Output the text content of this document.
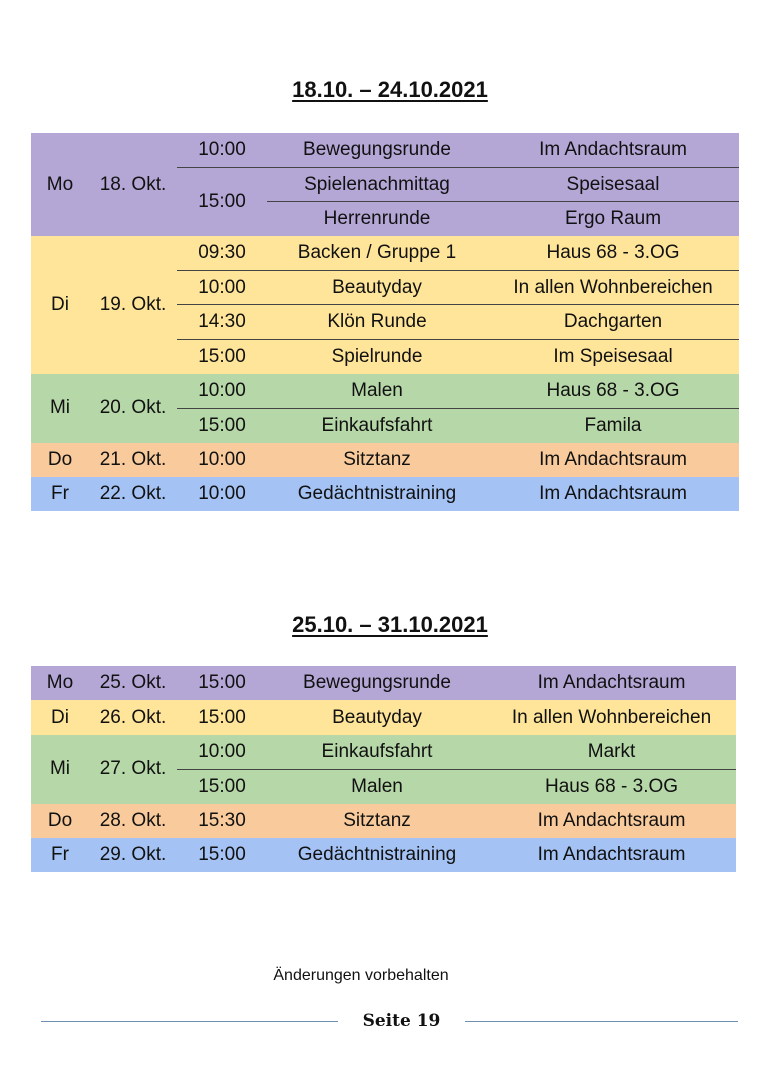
18.10. – 24.10.2021
Mo	18. Okt.	10:00	Bewegungsrunde	Im Andachtsraum
		15:00	Spielenachmittag	Speisesaal
			Herrenrunde	Ergo Raum
Di	19. Okt.	09:30	Backen / Gruppe 1	Haus 68 - 3.OG
		10:00	Beautyday	In allen Wohnbereichen
		14:30	Klön Runde	Dachgarten
		15:00	Spielrunde	Im Speisesaal
Mi	20. Okt.	10:00	Malen	Haus 68 - 3.OG
		15:00	Einkaufsfahrt	Famila
Do	21. Okt.	10:00	Sitztanz	Im Andachtsraum
Fr	22. Okt.	10:00	Gedächtnistraining	Im Andachtsraum
25.10. – 31.10.2021
Mo	25. Okt.	15:00	Bewegungsrunde	Im Andachtsraum
Di	26. Okt.	15:00	Beautyday	In allen Wohnbereichen
Mi	27. Okt.	10:00	Einkaufsfahrt	Markt
		15:00	Malen	Haus 68 - 3.OG
Do	28. Okt.	15:30	Sitztanz	Im Andachtsraum
Fr	29. Okt.	15:00	Gedächtnistraining	Im Andachtsraum
Änderungen vorbehalten
Seite 19
